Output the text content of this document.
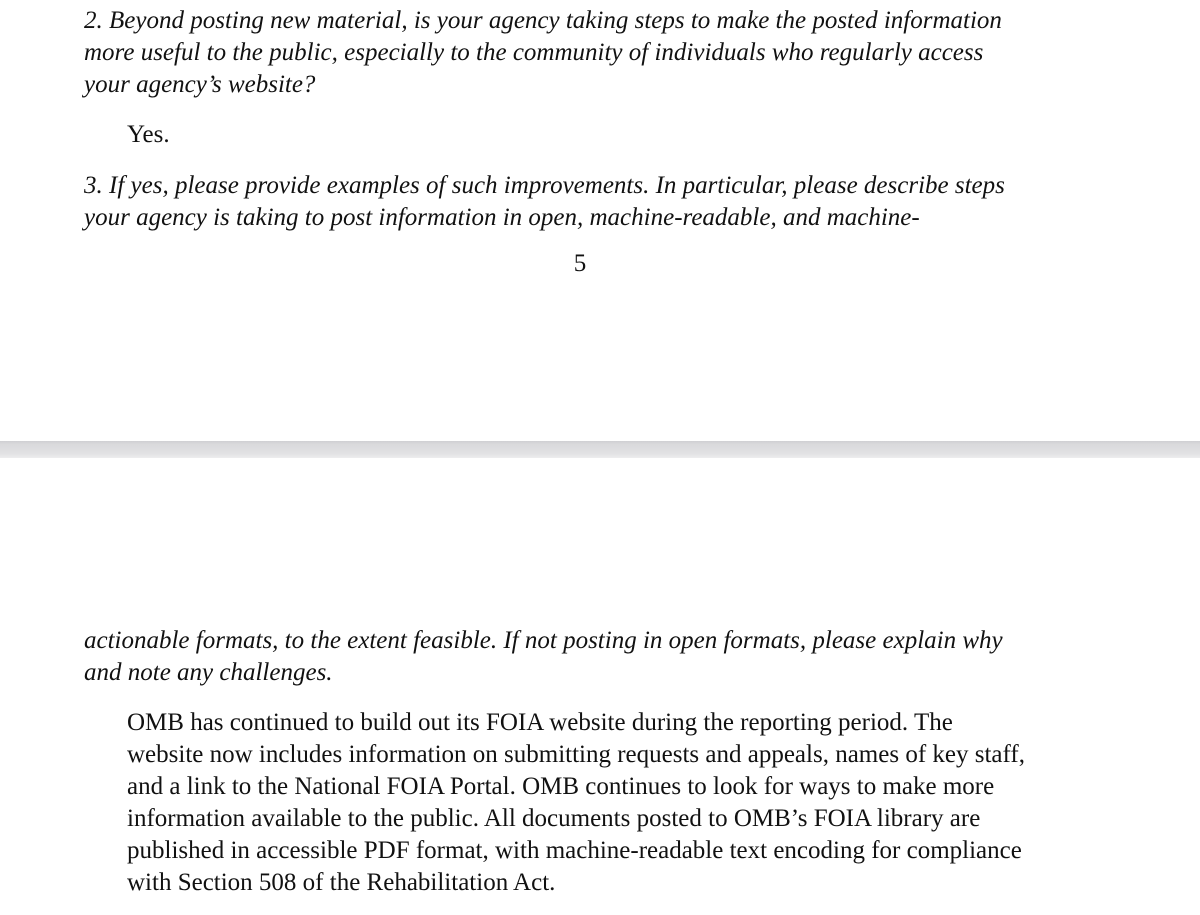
2. Beyond posting new material, is your agency taking steps to make the posted information
more useful to the public, especially to the community of individuals who regularly access
your agency’s website?
Yes.
3. If yes, please provide examples of such improvements. In particular, please describe steps
your agency is taking to post information in open, machine-readable, and machine-
5
actionable formats, to the extent feasible. If not posting in open formats, please explain why
and note any challenges.
OMB has continued to build out its FOIA website during the reporting period. The
website now includes information on submitting requests and appeals, names of key staff,
and a link to the National FOIA Portal. OMB continues to look for ways to make more
information available to the public. All documents posted to OMB’s FOIA library are
published in accessible PDF format, with machine-readable text encoding for compliance
with Section 508 of the Rehabilitation Act.
